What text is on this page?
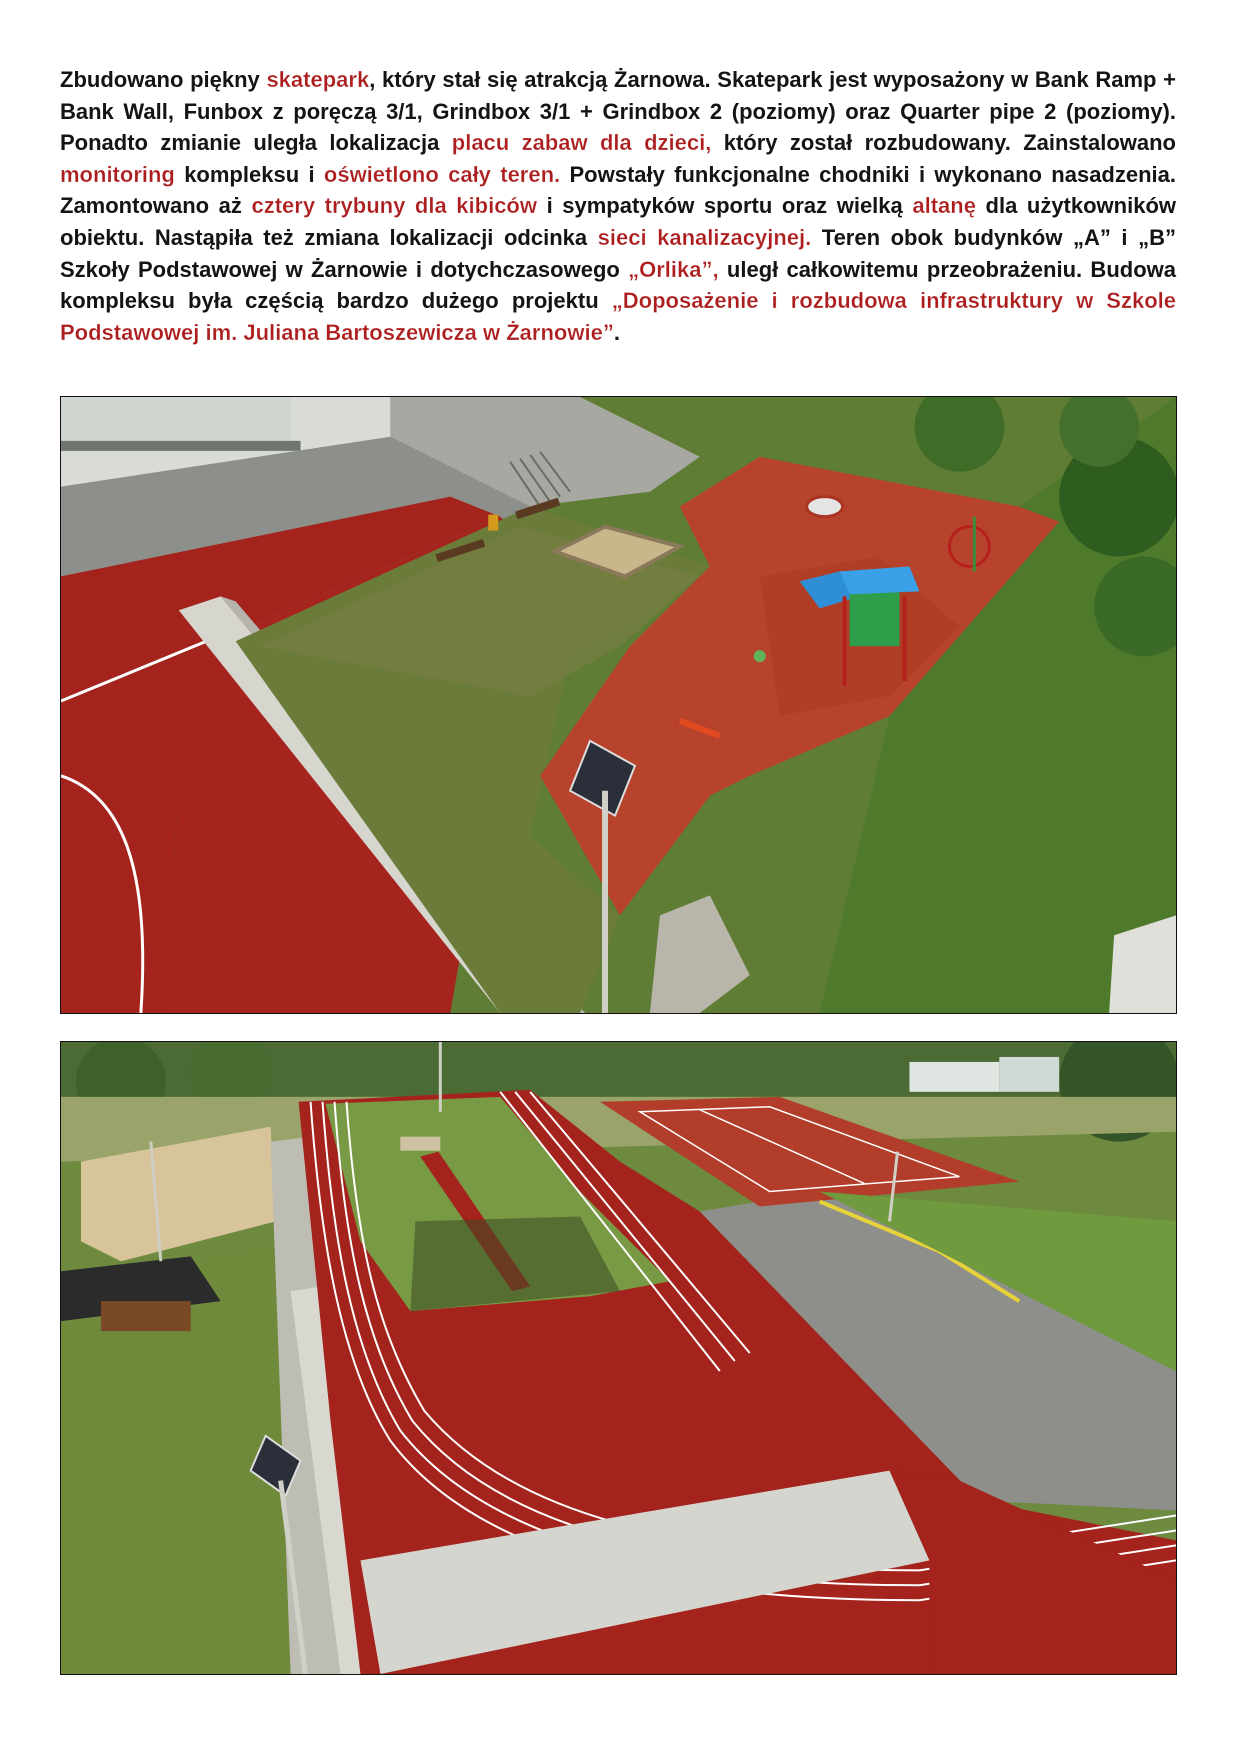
Zbudowano piękny skatepark, który stał się atrakcją Żarnowa. Skatepark jest wyposażony w Bank Ramp + Bank Wall, Funbox z poręczą 3/1, Grindbox 3/1 + Grindbox 2 (poziomy) oraz Quarter pipe 2 (poziomy). Ponadto zmianie uległa lokalizacja placu zabaw dla dzieci, który został rozbudowany. Zainstalowano monitoring kompleksu i oświetlono cały teren. Powstały funkcjonalne chodniki i wykonano nasadzenia. Zamontowano aż cztery trybuny dla kibiców i sympatyków sportu oraz wielką altanę dla użytkowników obiektu. Nastąpiła też zmiana lokalizacji odcinka sieci kanalizacyjnej. Teren obok budynków „A” i „B” Szkoły Podstawowej w Żarnowie i dotychczasowego „Orlika”, uległ całkowitemu przeobrażeniu. Budowa kompleksu była częścią bardzo dużego projektu „Doposażenie i rozbudowa infrastruktury w Szkole Podstawowej im. Juliana Bartoszewicza w Żarnowie”.
